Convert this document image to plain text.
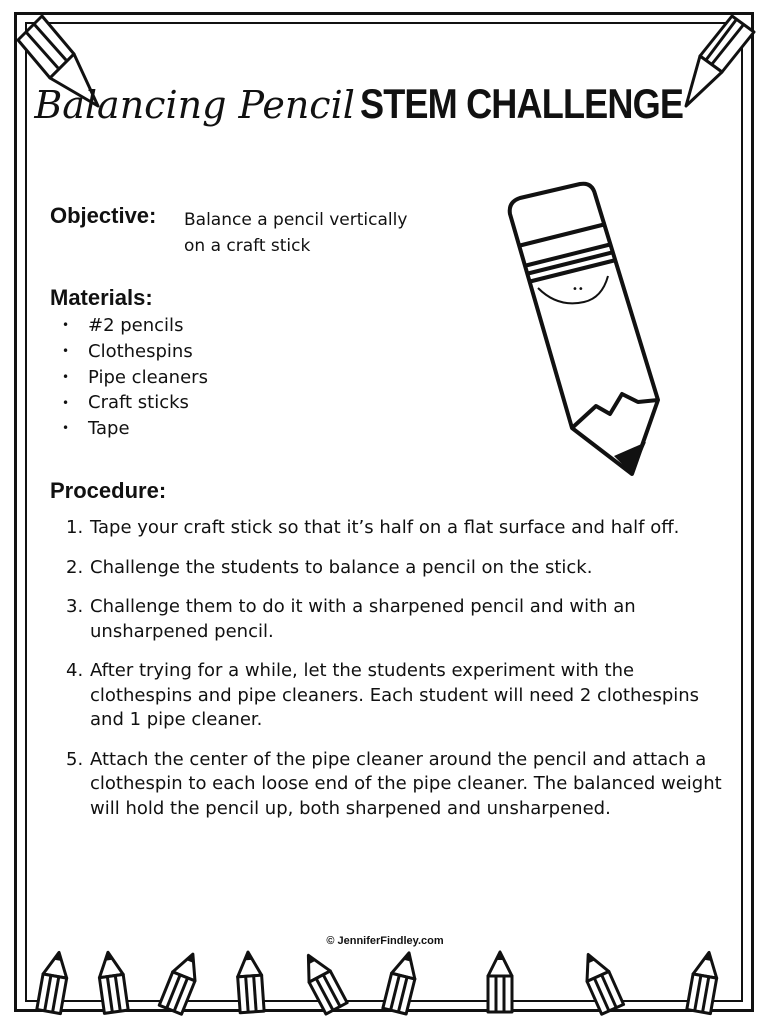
Balancing Pencil STEM CHALLENGE
Objective: Balance a pencil vertically
on a craft stick
••
Materials:
• #2 pencils
• Clothespins
• Pipe cleaners
• Craft sticks
• Tape
Procedure:
1. Tape your craft stick so that it’s half on a flat surface and half off.
2. Challenge the students to balance a pencil on the stick.
3. Challenge them to do it with a sharpened pencil and with an unsharpened pencil.
4. After trying for a while, let the students experiment with the clothespins and pipe cleaners. Each student will need 2 clothespins and 1 pipe cleaner.
5. Attach the center of the pipe cleaner around the pencil and attach a clothespin to each loose end of the pipe cleaner. The balanced weight will hold the pencil up, both sharpened and unsharpened.
© JenniferFindley.com
